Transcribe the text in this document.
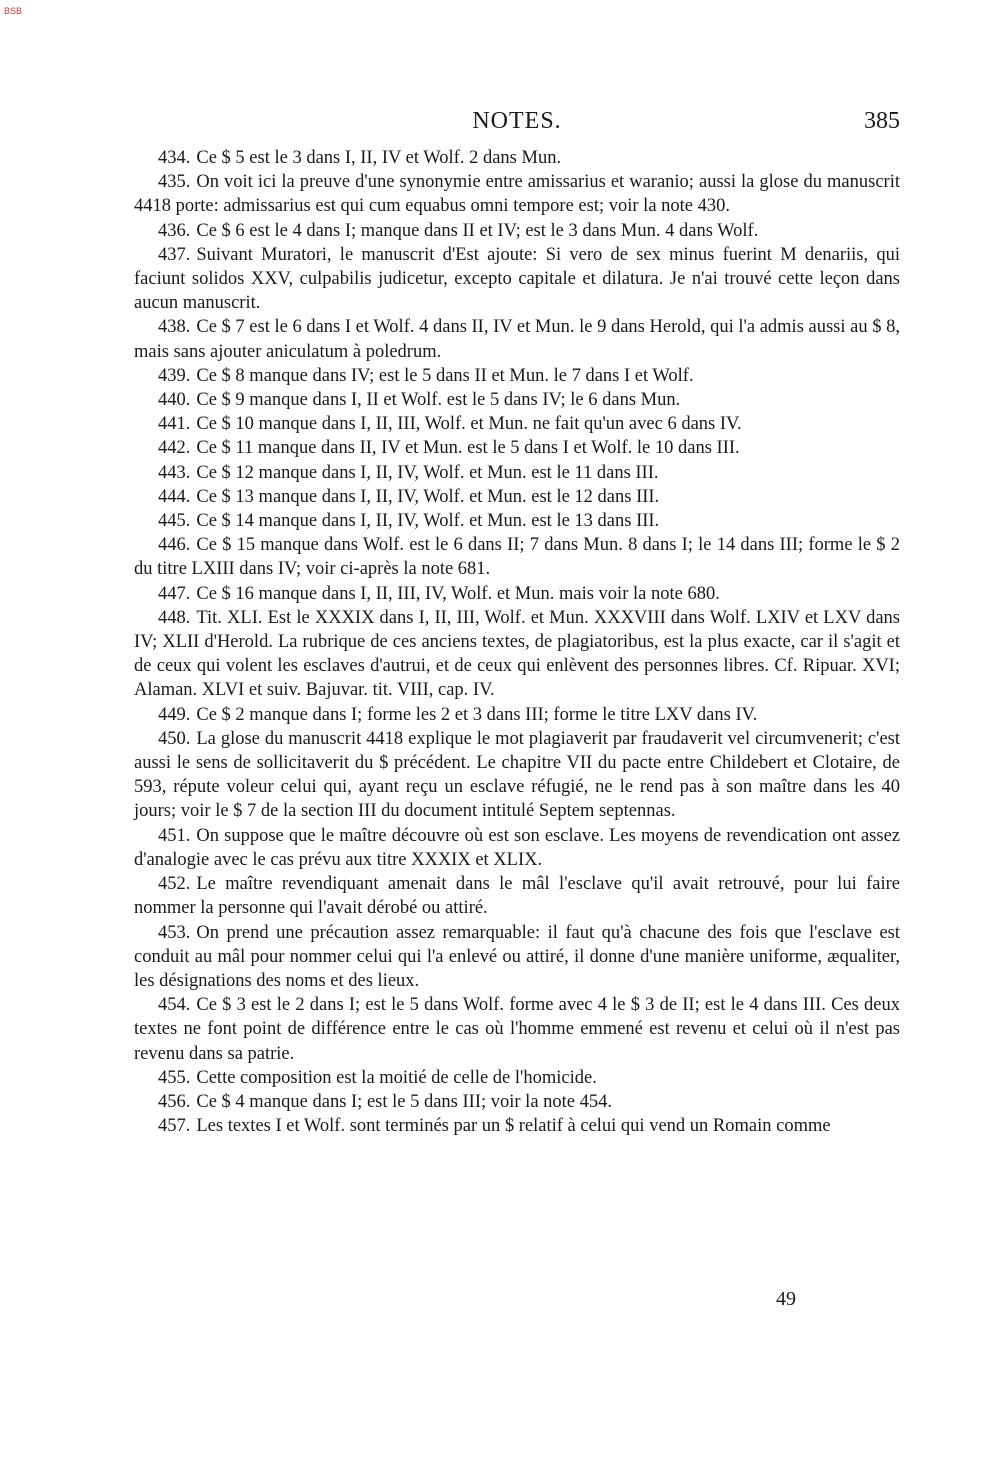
BSB
NOTES.	385

434. Ce $ 5 est le 3 dans I, II, IV et Wolf. 2 dans Mun.

435. On voit ici la preuve d'une synonymie entre amissarius et waranio; aussi la glose du manuscrit 4418 porte: admissarius est qui cum equabus omni tempore est; voir la note 430.

436. Ce $ 6 est le 4 dans I; manque dans II et IV; est le 3 dans Mun. 4 dans Wolf.

437. Suivant Muratori, le manuscrit d'Est ajoute: Si vero de sex minus fuerint M denariis, qui faciunt solidos XXV, culpabilis judicetur, excepto capitale et dilatura. Je n'ai trouvé cette leçon dans aucun manuscrit.

438. Ce $ 7 est le 6 dans I et Wolf. 4 dans II, IV et Mun. le 9 dans Herold, qui l'a admis aussi au $ 8, mais sans ajouter aniculatum à poledrum.

439. Ce $ 8 manque dans IV; est le 5 dans II et Mun. le 7 dans I et Wolf.

440. Ce $ 9 manque dans I, II et Wolf. est le 5 dans IV; le 6 dans Mun.

441. Ce $ 10 manque dans I, II, III, Wolf. et Mun. ne fait qu'un avec 6 dans IV.

442. Ce $ 11 manque dans II, IV et Mun. est le 5 dans I et Wolf. le 10 dans III.

443. Ce $ 12 manque dans I, II, IV, Wolf. et Mun. est le 11 dans III.

444. Ce $ 13 manque dans I, II, IV, Wolf. et Mun. est le 12 dans III.

445. Ce $ 14 manque dans I, II, IV, Wolf. et Mun. est le 13 dans III.

446. Ce $ 15 manque dans Wolf. est le 6 dans II; 7 dans Mun. 8 dans I; le 14 dans III; forme le $ 2 du titre LXIII dans IV; voir ci-après la note 681.

447. Ce $ 16 manque dans I, II, III, IV, Wolf. et Mun. mais voir la note 680.

448. Tit. XLI. Est le XXXIX dans I, II, III, Wolf. et Mun. XXXVIII dans Wolf. LXIV et LXV dans IV; XLII d'Herold. La rubrique de ces anciens textes, de plagiatoribus, est la plus exacte, car il s'agit et de ceux qui volent les esclaves d'autrui, et de ceux qui enlèvent des personnes libres. Cf. Ripuar. XVI; Alaman. XLVI et suiv. Bajuvar. tit. VIII, cap. IV.

449. Ce $ 2 manque dans I; forme les 2 et 3 dans III; forme le titre LXV dans IV.

450. La glose du manuscrit 4418 explique le mot plagiaverit par fraudaverit vel circumvenerit; c'est aussi le sens de sollicitaverit du $ précédent. Le chapitre VII du pacte entre Childebert et Clotaire, de 593, répute voleur celui qui, ayant reçu un esclave réfugié, ne le rend pas à son maître dans les 40 jours; voir le $ 7 de la section III du document intitulé Septem septennas.

451. On suppose que le maître découvre où est son esclave. Les moyens de revendication ont assez d'analogie avec le cas prévu aux titre XXXIX et XLIX.

452. Le maître revendiquant amenait dans le mâl l'esclave qu'il avait retrouvé, pour lui faire nommer la personne qui l'avait dérobé ou attiré.

453. On prend une précaution assez remarquable: il faut qu'à chacune des fois que l'esclave est conduit au mâl pour nommer celui qui l'a enlevé ou attiré, il donne d'une manière uniforme, æqualiter, les désignations des noms et des lieux.

454. Ce $ 3 est le 2 dans I; est le 5 dans Wolf. forme avec 4 le $ 3 de II; est le 4 dans III. Ces deux textes ne font point de différence entre le cas où l'homme emmené est revenu et celui où il n'est pas revenu dans sa patrie.

455. Cette composition est la moitié de celle de l'homicide.

456. Ce $ 4 manque dans I; est le 5 dans III; voir la note 454.

457. Les textes I et Wolf. sont terminés par un $ relatif à celui qui vend un Romain comme

49
